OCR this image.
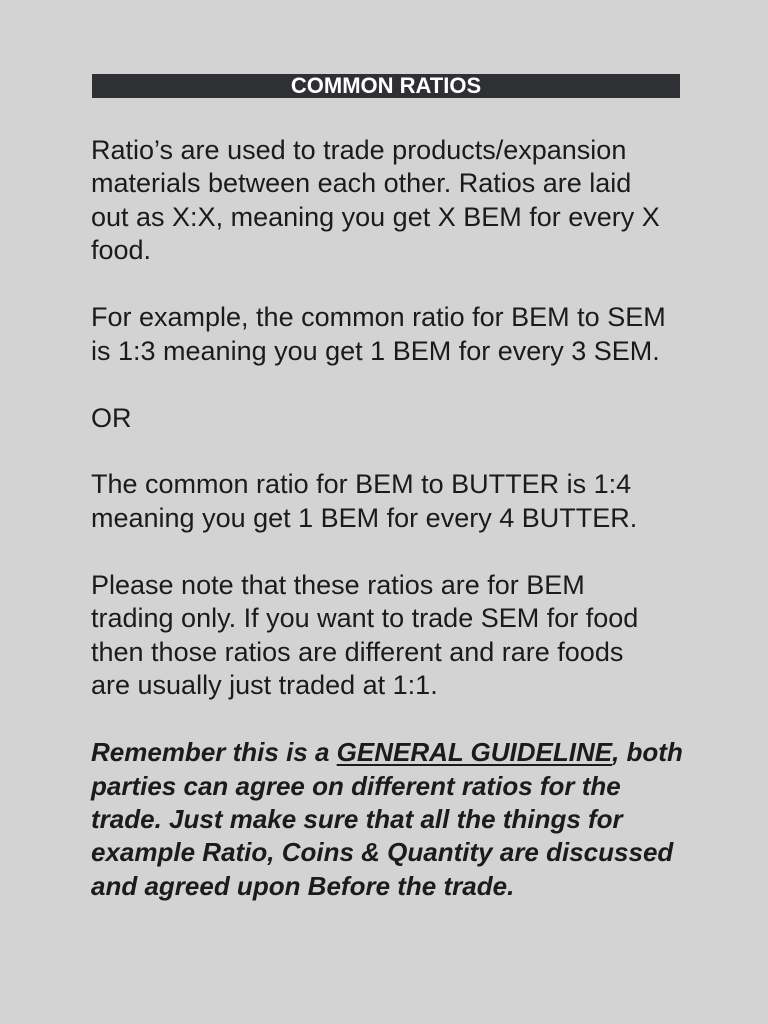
COMMON RATIOS
Ratio’s are used to trade products/expansion
materials between each other. Ratios are laid
out as X:X, meaning you get X BEM for every X
food.
For example, the common ratio for BEM to SEM
is 1:3 meaning you get 1 BEM for every 3 SEM.
OR
The common ratio for BEM to BUTTER is 1:4
meaning you get 1 BEM for every 4 BUTTER.
Please note that these ratios are for BEM
trading only. If you want to trade SEM for food
then those ratios are different and rare foods
are usually just traded at 1:1.
Remember this is a GENERAL GUIDELINE, both
parties can agree on different ratios for the
trade. Just make sure that all the things for
example Ratio, Coins & Quantity are discussed
and agreed upon Before the trade.
